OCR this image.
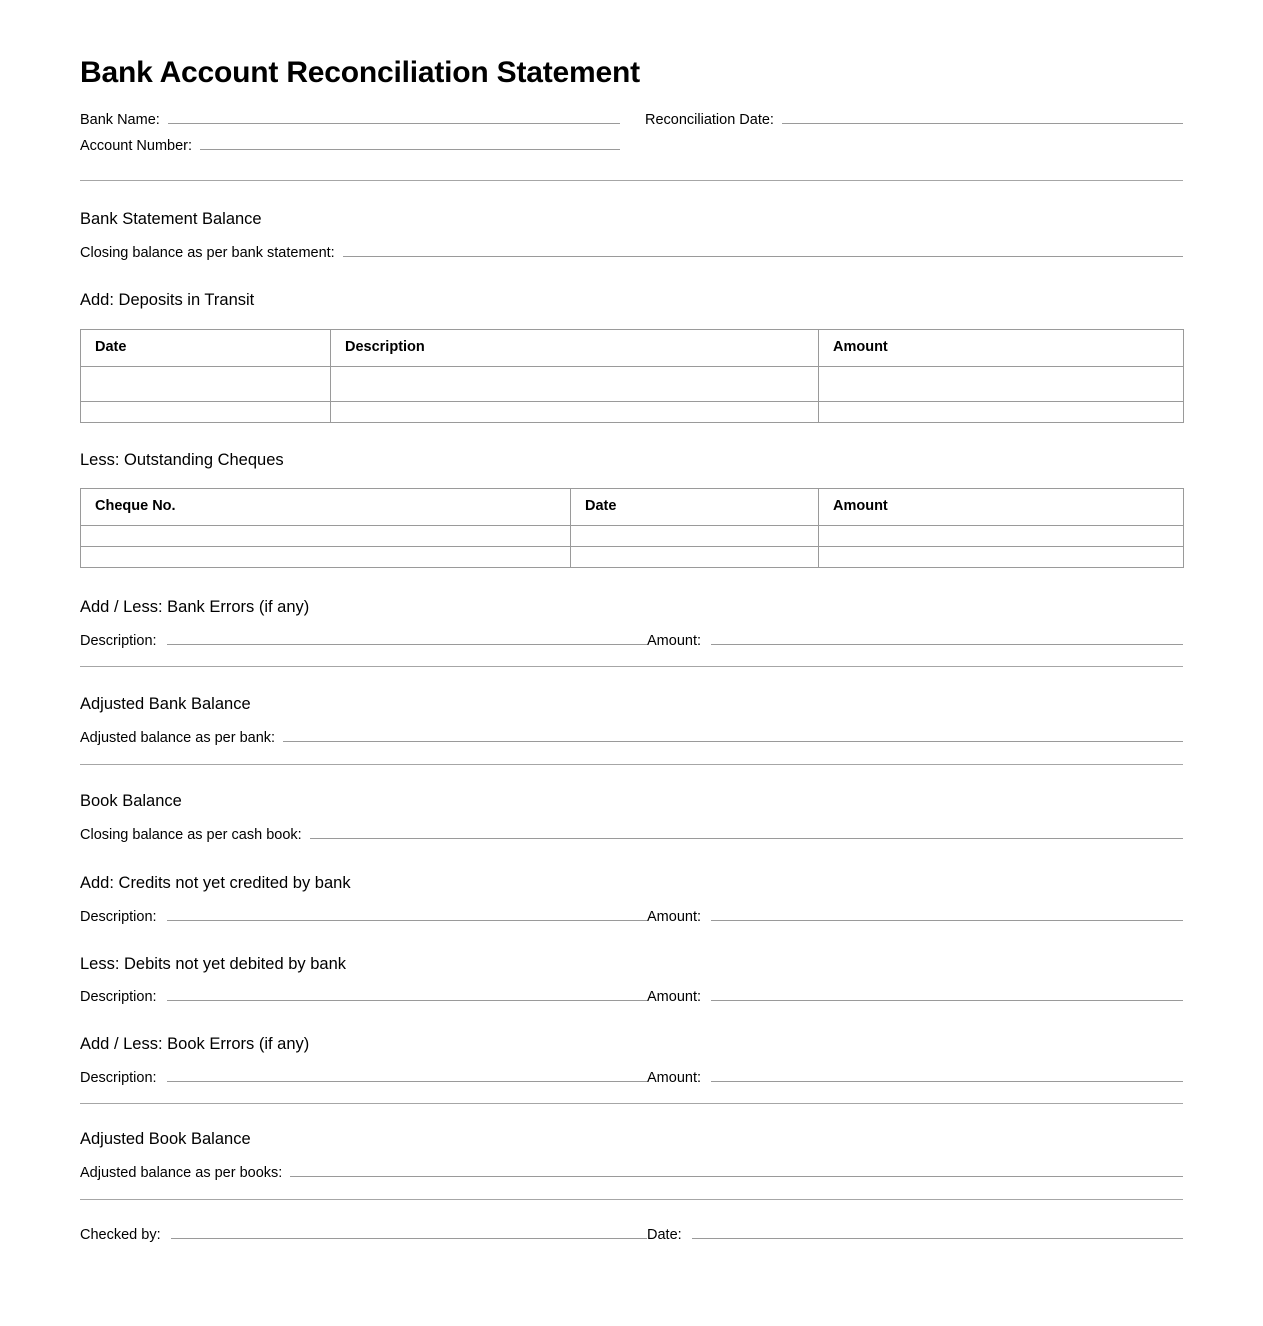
Bank Account Reconciliation Statement
Bank Name:
Account Number:
Reconciliation Date:
Bank Statement Balance
Closing balance as per bank statement:
Add: Deposits in Transit
Date	Description	Amount

Less: Outstanding Cheques
Cheque No.	Date	Amount

Add / Less: Bank Errors (if any)
Description:	Amount:
Adjusted Bank Balance
Adjusted balance as per bank:
Book Balance
Closing balance as per cash book:
Add: Credits not yet credited by bank
Description:	Amount:
Less: Debits not yet debited by bank
Description:	Amount:
Add / Less: Book Errors (if any)
Description:	Amount:
Adjusted Book Balance
Adjusted balance as per books:
Checked by:	Date:
